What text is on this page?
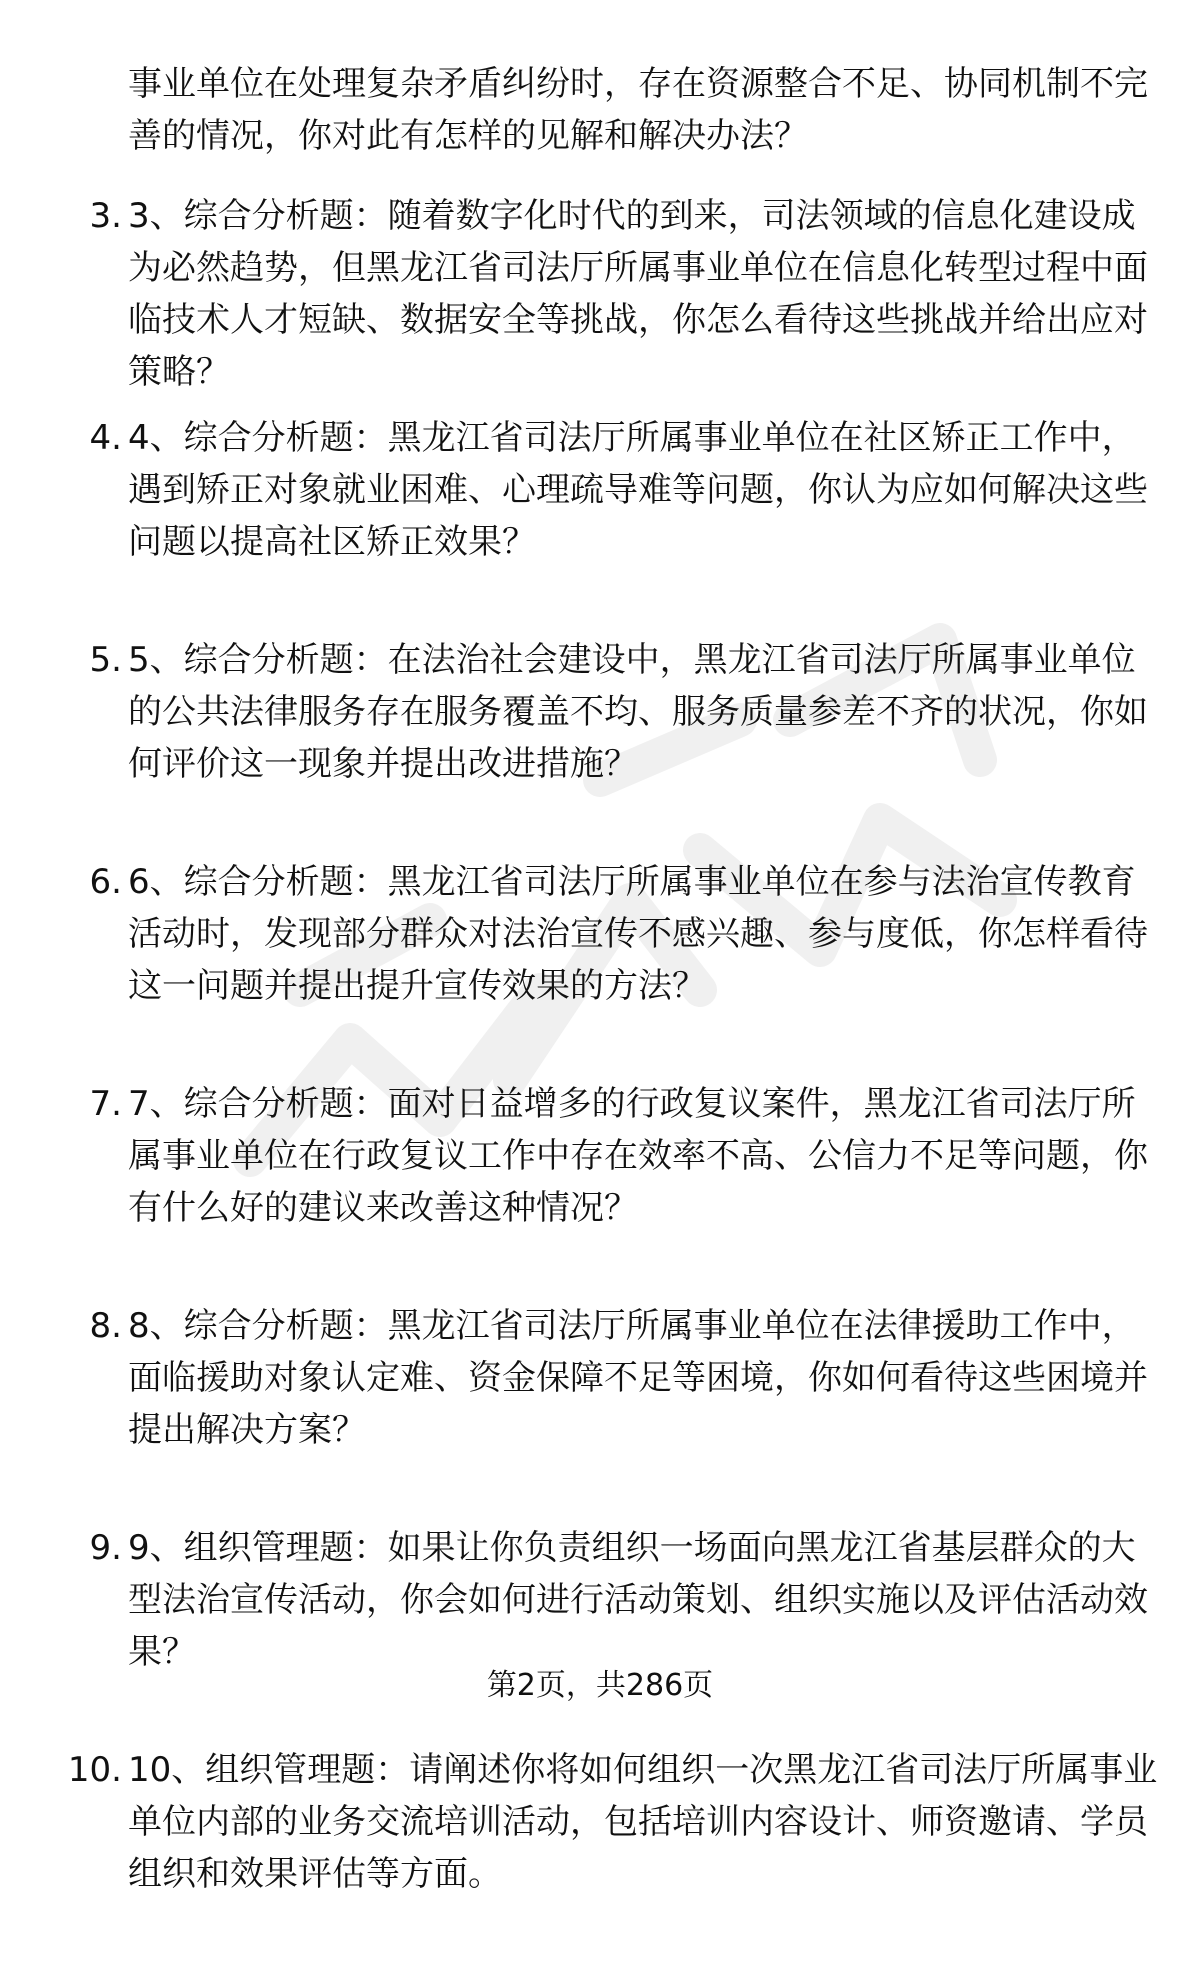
事业单位在处理复杂矛盾纠纷时，存在资源整合不足、协同机制不完善的情况，你对此有怎样的见解和解决办法？

3. 3、综合分析题：随着数字化时代的到来，司法领域的信息化建设成为必然趋势，但黑龙江省司法厅所属事业单位在信息化转型过程中面临技术人才短缺、数据安全等挑战，你怎么看待这些挑战并给出应对策略？

4. 4、综合分析题：黑龙江省司法厅所属事业单位在社区矫正工作中，遇到矫正对象就业困难、心理疏导难等问题，你认为应如何解决这些问题以提高社区矫正效果？

5. 5、综合分析题：在法治社会建设中，黑龙江省司法厅所属事业单位的公共法律服务存在服务覆盖不均、服务质量参差不齐的状况，你如何评价这一现象并提出改进措施？

6. 6、综合分析题：黑龙江省司法厅所属事业单位在参与法治宣传教育活动时，发现部分群众对法治宣传不感兴趣、参与度低，你怎样看待这一问题并提出提升宣传效果的方法？

7. 7、综合分析题：面对日益增多的行政复议案件，黑龙江省司法厅所属事业单位在行政复议工作中存在效率不高、公信力不足等问题，你有什么好的建议来改善这种情况？

8. 8、综合分析题：黑龙江省司法厅所属事业单位在法律援助工作中，面临援助对象认定难、资金保障不足等困境，你如何看待这些困境并提出解决方案？

9. 9、组织管理题：如果让你负责组织一场面向黑龙江省基层群众的大型法治宣传活动，你会如何进行活动策划、组织实施以及评估活动效果？

10. 10、组织管理题：请阐述你将如何组织一次黑龙江省司法厅所属事业单位内部的业务交流培训活动，包括培训内容设计、师资邀请、学员组织和效果评估等方面。

第2页，共286页
